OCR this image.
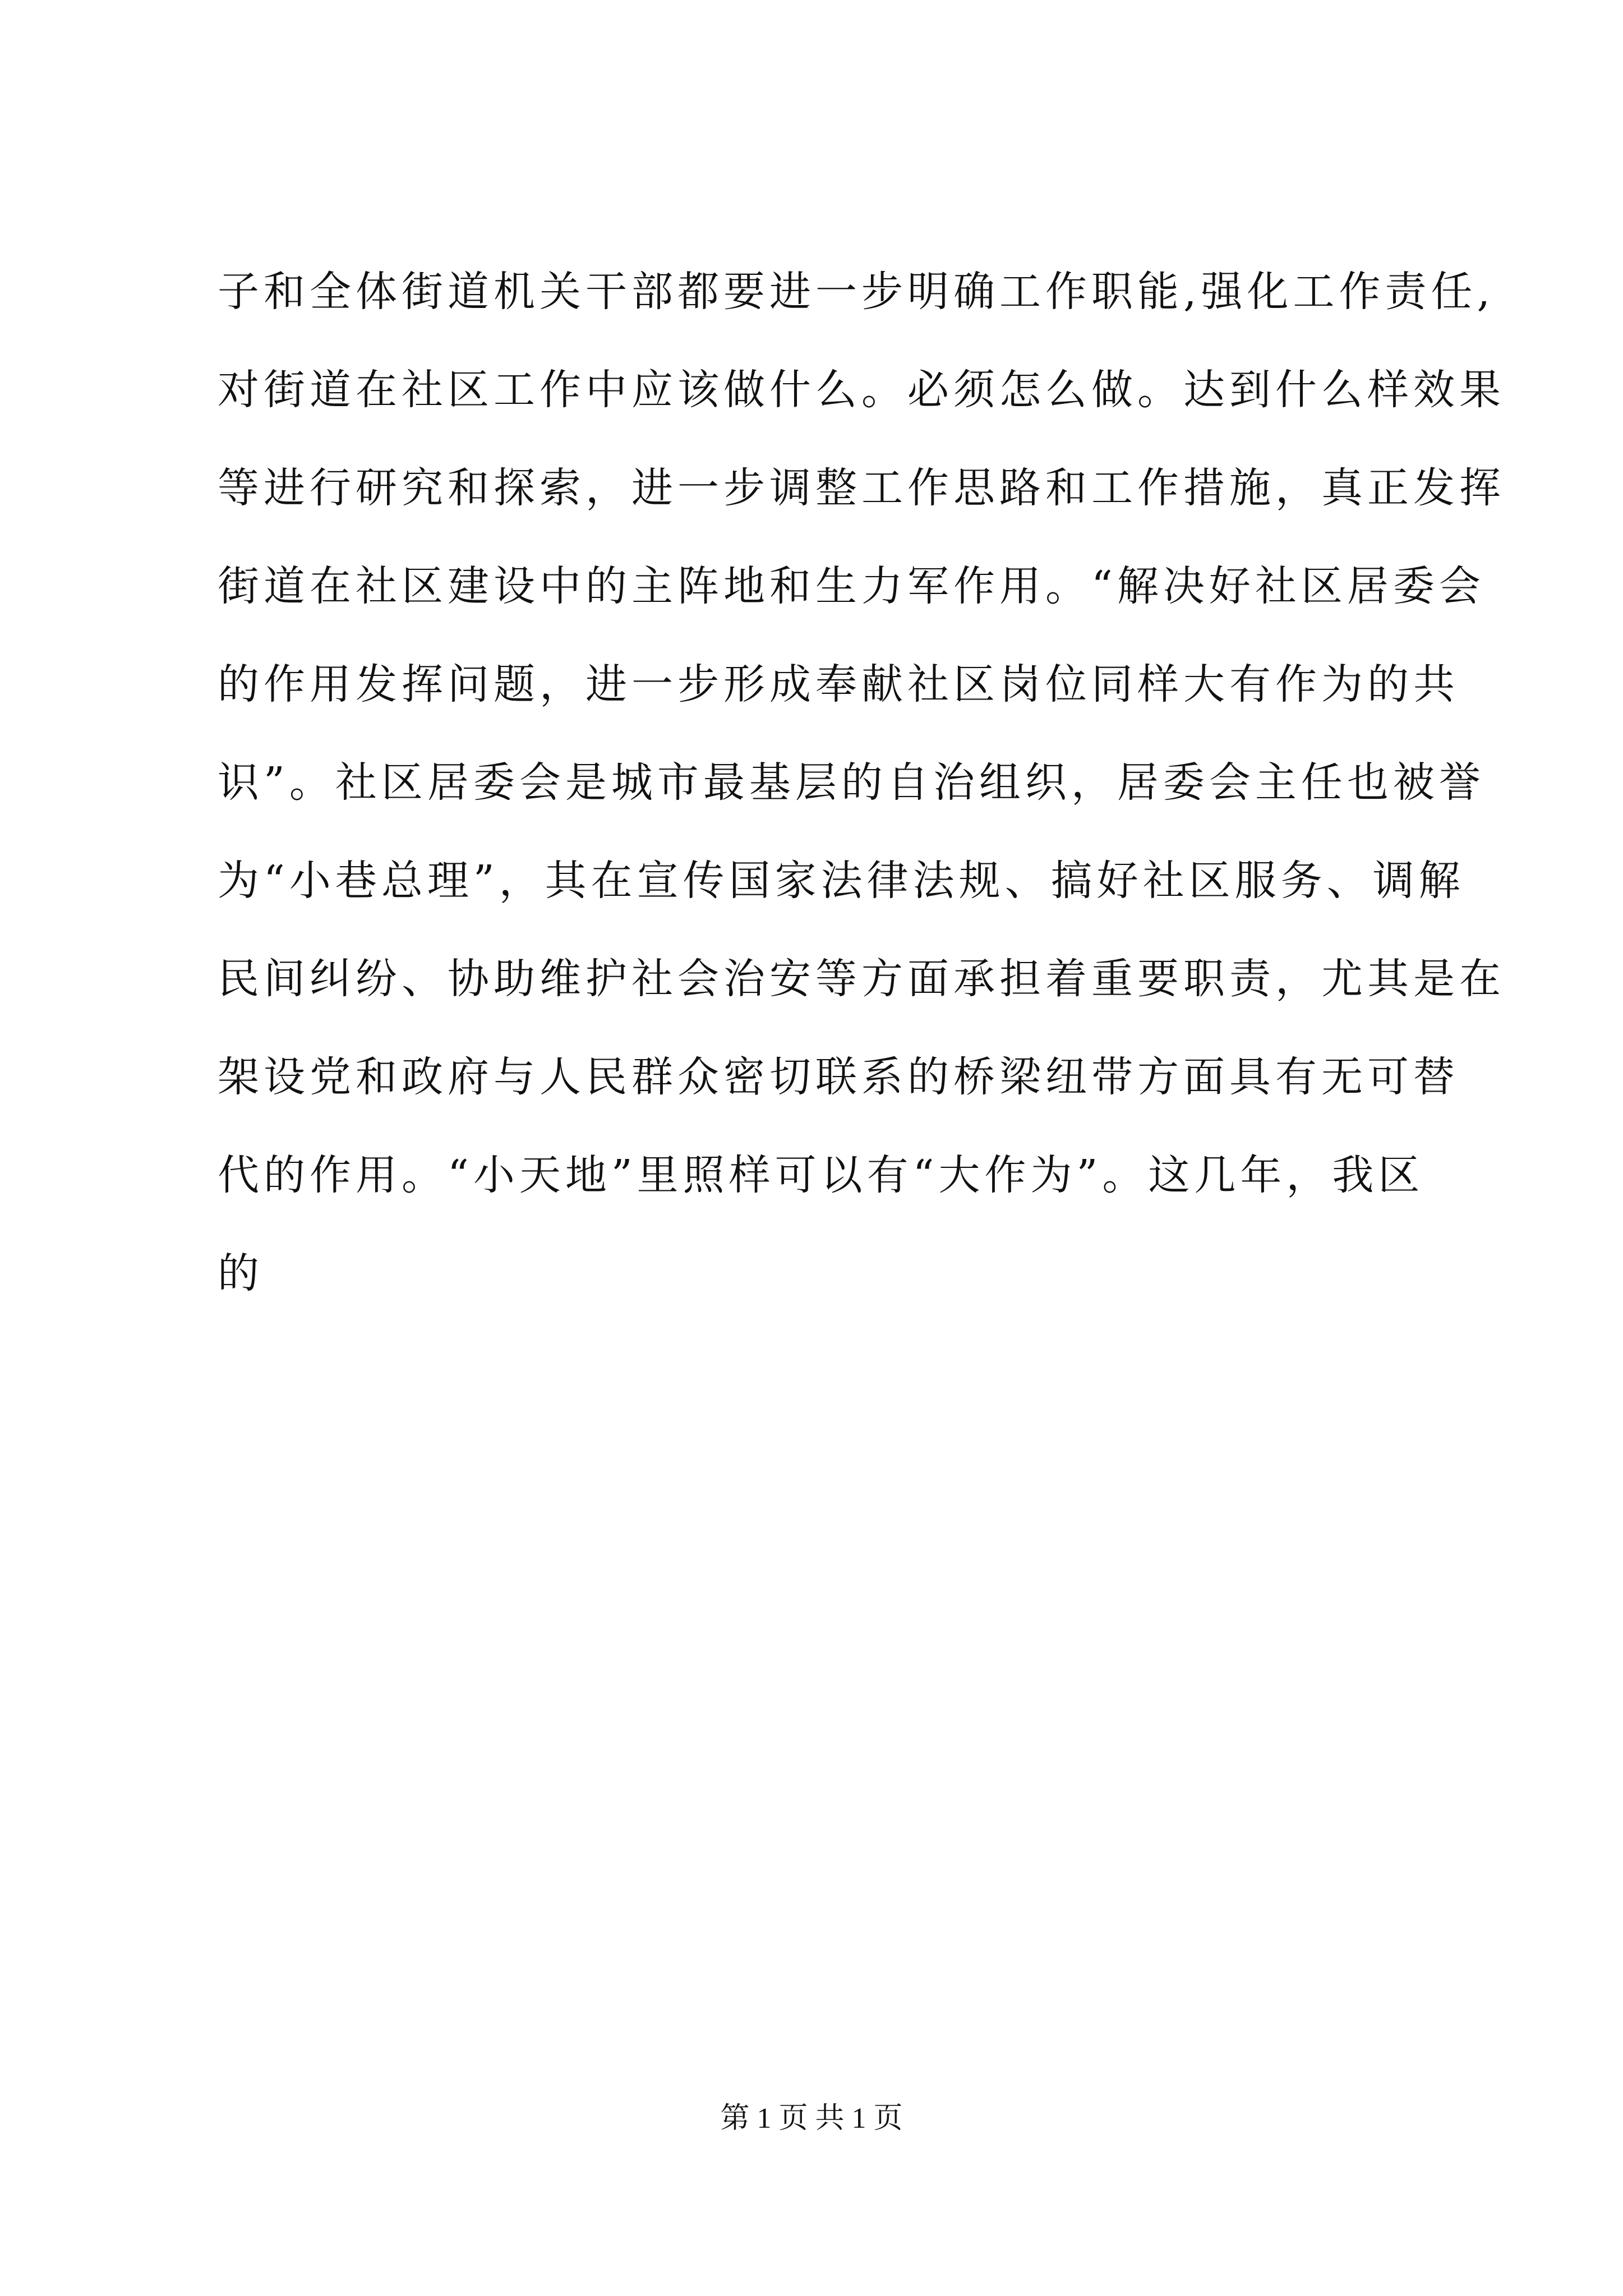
子和全体街道机关干部都要进一步明确工作职能,强化工作责任,
对街道在社区工作中应该做什么。必须怎么做。达到什么样效果
等进行研究和探索，进一步调整工作思路和工作措施，真正发挥
街道在社区建设中的主阵地和生力军作用。“解决好社区居委会
的作用发挥问题，进一步形成奉献社区岗位同样大有作为的共
识”。社区居委会是城市最基层的自治组织，居委会主任也被誉
为“小巷总理”，其在宣传国家法律法规、搞好社区服务、调解
民间纠纷、协助维护社会治安等方面承担着重要职责，尤其是在
架设党和政府与人民群众密切联系的桥梁纽带方面具有无可替
代的作用。“小天地”里照样可以有“大作为”。这几年，我区
的
第 1 页 共 1 页
